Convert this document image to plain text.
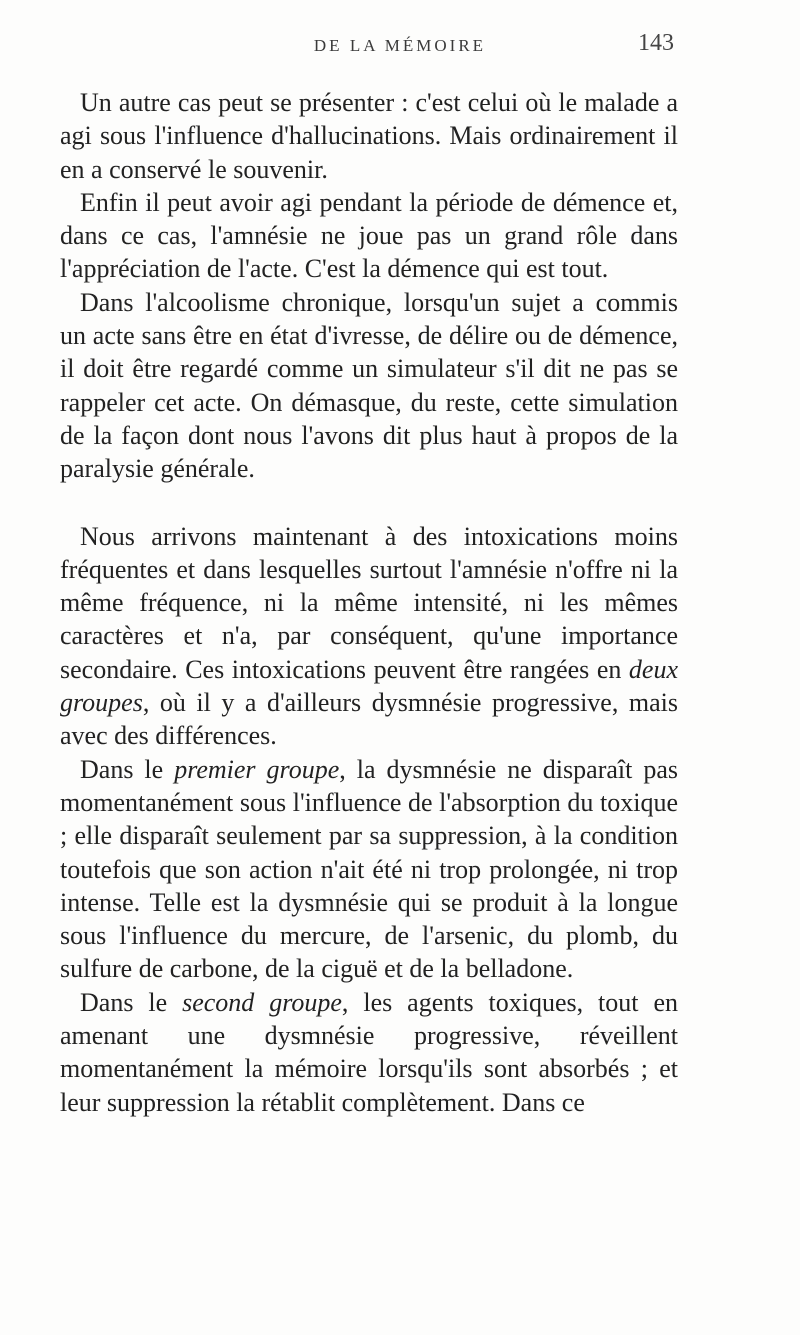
DE LA MÉMOIRE	143

Un autre cas peut se présenter : c'est celui où le malade a agi sous l'influence d'hallucinations. Mais ordinairement il en a conservé le souvenir.

Enfin il peut avoir agi pendant la période de démence et, dans ce cas, l'amnésie ne joue pas un grand rôle dans l'appréciation de l'acte. C'est la démence qui est tout.

Dans l'alcoolisme chronique, lorsqu'un sujet a commis un acte sans être en état d'ivresse, de délire ou de démence, il doit être regardé comme un simulateur s'il dit ne pas se rappeler cet acte. On démasque, du reste, cette simulation de la façon dont nous l'avons dit plus haut à propos de la paralysie générale.

Nous arrivons maintenant à des intoxications moins fréquentes et dans lesquelles surtout l'amnésie n'offre ni la même fréquence, ni la même intensité, ni les mêmes caractères et n'a, par conséquent, qu'une importance secondaire. Ces intoxications peuvent être rangées en deux groupes, où il y a d'ailleurs dysmnésie progressive, mais avec des différences.

Dans le premier groupe, la dysmnésie ne disparaît pas momentanément sous l'influence de l'absorption du toxique ; elle disparaît seulement par sa suppression, à la condition toutefois que son action n'ait été ni trop prolongée, ni trop intense. Telle est la dysmnésie qui se produit à la longue sous l'influence du mercure, de l'arsenic, du plomb, du sulfure de carbone, de la ciguë et de la belladone.

Dans le second groupe, les agents toxiques, tout en amenant une dysmnésie progressive, réveillent momentanément la mémoire lorsqu'ils sont absorbés ; et leur suppression la rétablit complètement. Dans ce
